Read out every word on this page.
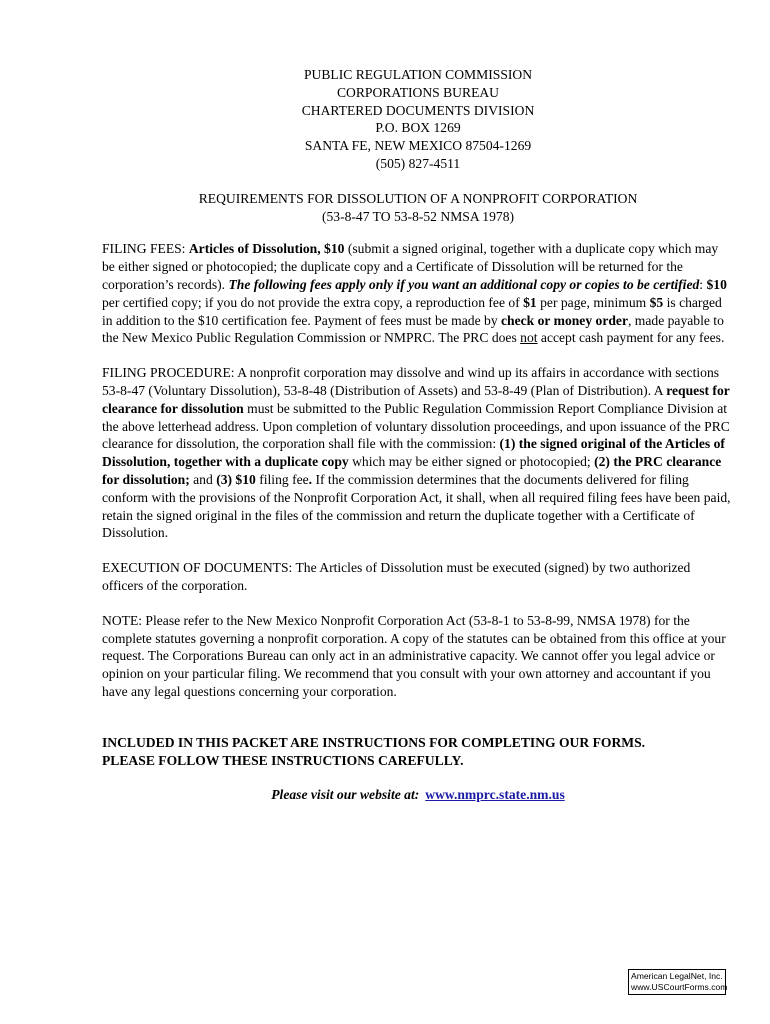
PUBLIC REGULATION COMMISSION
CORPORATIONS BUREAU
CHARTERED DOCUMENTS DIVISION
P.O. BOX 1269
SANTA FE, NEW MEXICO 87504-1269
(505) 827-4511
REQUIREMENTS FOR DISSOLUTION OF A NONPROFIT CORPORATION
(53-8-47 TO 53-8-52 NMSA 1978)

FILING FEES: Articles of Dissolution, $10 (submit a signed original, together with a duplicate copy which may be either signed or photocopied; the duplicate copy and a Certificate of Dissolution will be returned for the corporation’s records). The following fees apply only if you want an additional copy or copies to be certified: $10 per certified copy; if you do not provide the extra copy, a reproduction fee of $1 per page, minimum $5 is charged in addition to the $10 certification fee. Payment of fees must be made by check or money order, made payable to the New Mexico Public Regulation Commission or NMPRC. The PRC does not accept cash payment for any fees.

FILING PROCEDURE: A nonprofit corporation may dissolve and wind up its affairs in accordance with sections 53-8-47 (Voluntary Dissolution), 53-8-48 (Distribution of Assets) and 53-8-49 (Plan of Distribution). A request for clearance for dissolution must be submitted to the Public Regulation Commission Report Compliance Division at the above letterhead address. Upon completion of voluntary dissolution proceedings, and upon issuance of the PRC clearance for dissolution, the corporation shall file with the commission: (1) the signed original of the Articles of Dissolution, together with a duplicate copy which may be either signed or photocopied; (2) the PRC clearance for dissolution; and (3) $10 filing fee. If the commission determines that the documents delivered for filing conform with the provisions of the Nonprofit Corporation Act, it shall, when all required filing fees have been paid, retain the signed original in the files of the commission and return the duplicate together with a Certificate of Dissolution.

EXECUTION OF DOCUMENTS: The Articles of Dissolution must be executed (signed) by two authorized officers of the corporation.

NOTE: Please refer to the New Mexico Nonprofit Corporation Act (53-8-1 to 53-8-99, NMSA 1978) for the complete statutes governing a nonprofit corporation. A copy of the statutes can be obtained from this office at your request. The Corporations Bureau can only act in an administrative capacity. We cannot offer you legal advice or opinion on your particular filing. We recommend that you consult with your own attorney and accountant if you have any legal questions concerning your corporation.

INCLUDED IN THIS PACKET ARE INSTRUCTIONS FOR COMPLETING OUR FORMS.
PLEASE FOLLOW THESE INSTRUCTIONS CAREFULLY.
Please visit our website at: www.nmprc.state.nm.us
American LegalNet, Inc.
www.USCourtForms.com
